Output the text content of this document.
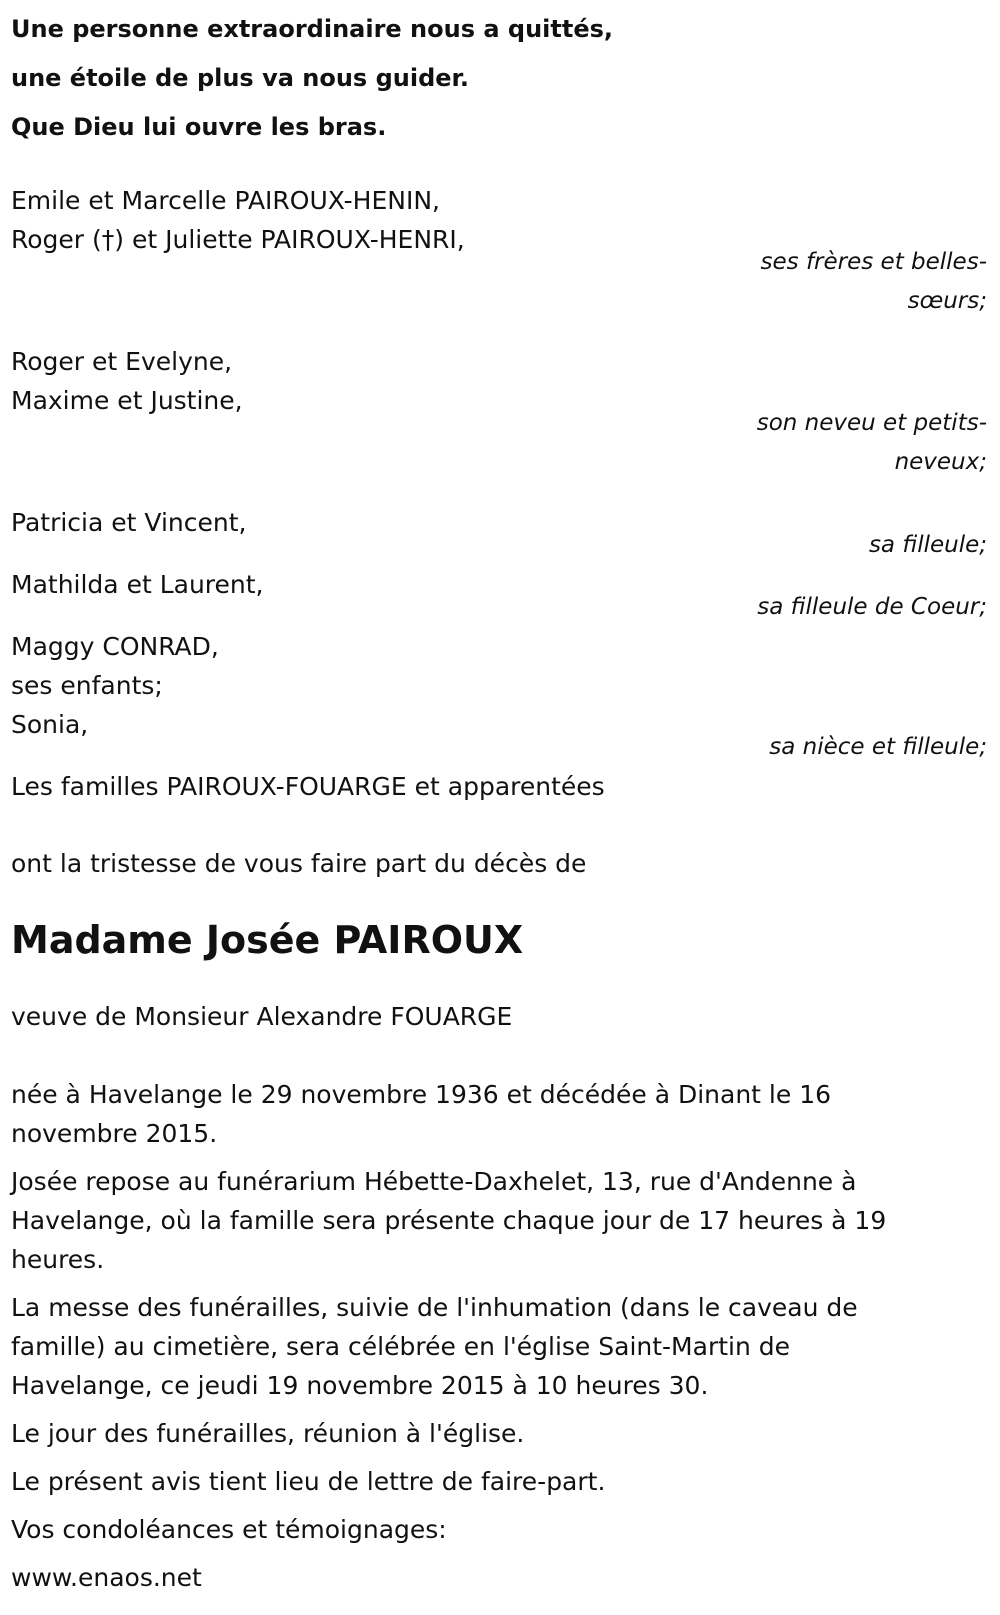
Une personne extraordinaire nous a quittés,

une étoile de plus va nous guider.

Que Dieu lui ouvre les bras.

Emile et Marcelle PAIROUX-HENIN,

Roger (†) et Juliette PAIROUX-HENRI,

ses frères et belles-sœurs;

Roger et Evelyne,

Maxime et Justine,

son neveu et petits-neveux;

Patricia et Vincent,

sa filleule;

Mathilda et Laurent,

sa filleule de Coeur;

Maggy CONRAD,

ses enfants;

Sonia,

sa nièce et filleule;

Les familles PAIROUX-FOUARGE et apparentées

ont la tristesse de vous faire part du décès de

Madame Josée PAIROUX

veuve de Monsieur Alexandre FOUARGE

née à Havelange le 29 novembre 1936 et décédée à Dinant le 16 novembre 2015.

Josée repose au funérarium Hébette-Daxhelet, 13, rue d'Andenne à Havelange, où la famille sera présente chaque jour de 17 heures à 19 heures.

La messe des funérailles, suivie de l'inhumation (dans le caveau de famille) au cimetière, sera célébrée en l'église Saint-Martin de Havelange, ce jeudi 19 novembre 2015 à 10 heures 30.

Le jour des funérailles, réunion à l'église.

Le présent avis tient lieu de lettre de faire-part.

Vos condoléances et témoignages:

www.enaos.net
